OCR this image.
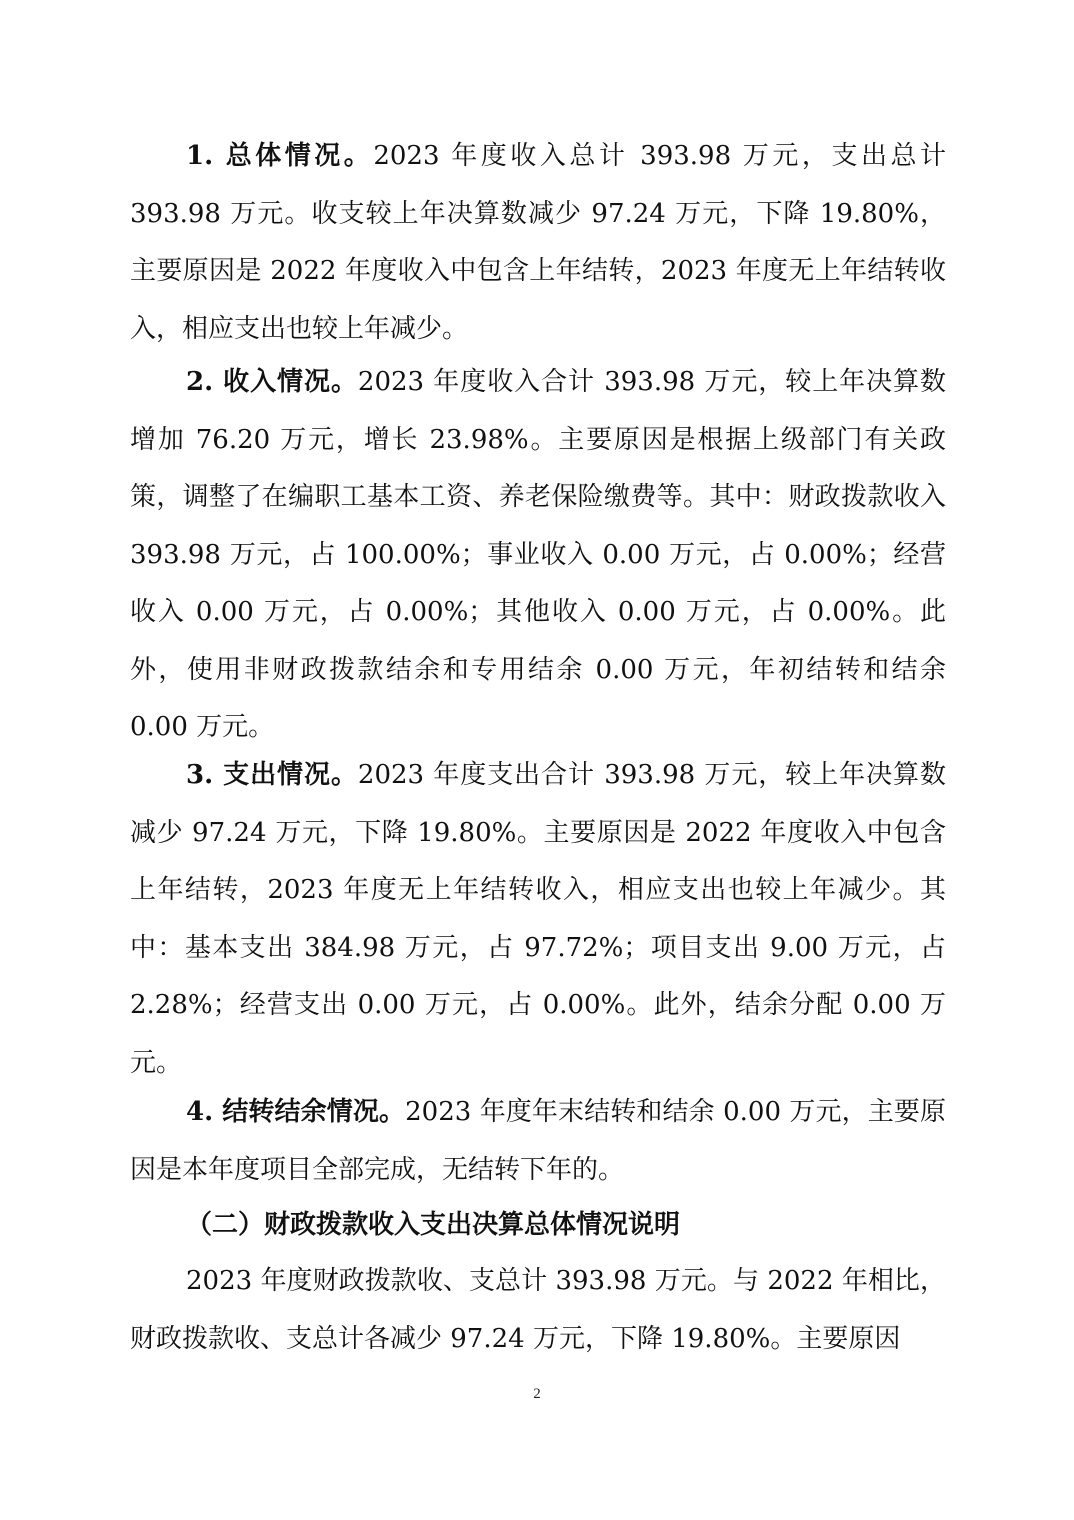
1. 总体情况。2023 年度收入总计 393.98 万元，支出总计 393.98 万元。收支较上年决算数减少 97.24 万元，下降 19.80%，主要原因是 2022 年度收入中包含上年结转，2023 年度无上年结转收入，相应支出也较上年减少。

2. 收入情况。2023 年度收入合计 393.98 万元，较上年决算数增加 76.20 万元，增长 23.98%。主要原因是根据上级部门有关政策，调整了在编职工基本工资、养老保险缴费等。其中：财政拨款收入 393.98 万元，占 100.00%；事业收入 0.00 万元，占 0.00%；经营收入 0.00 万元，占 0.00%；其他收入 0.00 万元，占 0.00%。此外，使用非财政拨款结余和专用结余 0.00 万元，年初结转和结余 0.00 万元。

3. 支出情况。2023 年度支出合计 393.98 万元，较上年决算数减少 97.24 万元，下降 19.80%。主要原因是 2022 年度收入中包含上年结转，2023 年度无上年结转收入，相应支出也较上年减少。其中：基本支出 384.98 万元，占 97.72%；项目支出 9.00 万元，占 2.28%；经营支出 0.00 万元，占 0.00%。此外，结余分配 0.00 万元。

4. 结转结余情况。2023 年度年末结转和结余 0.00 万元，主要原因是本年度项目全部完成，无结转下年的。

（二）财政拨款收入支出决算总体情况说明

2023 年度财政拨款收、支总计 393.98 万元。与 2022 年相比，财政拨款收、支总计各减少 97.24 万元，下降 19.80%。主要原因

2
